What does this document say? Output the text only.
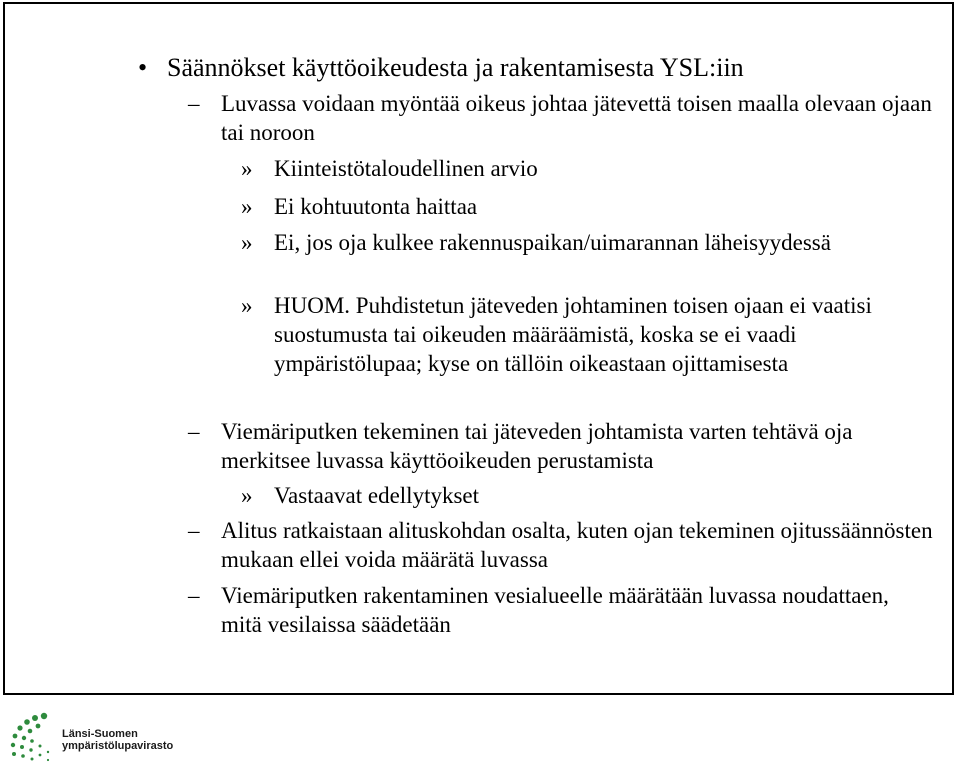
• Säännökset käyttöoikeudesta ja rakentamisesta YSL:iin

– Luvassa voidaan myöntää oikeus johtaa jätevettä toisen maalla olevaan ojaan tai noroon

» Kiinteistötaloudellinen arvio

» Ei kohtuutonta haittaa

» Ei, jos oja kulkee rakennuspaikan/uimarannan läheisyydessä

» HUOM. Puhdistetun jäteveden johtaminen toisen ojaan ei vaatisi suostumusta tai oikeuden määräämistä, koska se ei vaadi ympäristölupaa; kyse on tällöin oikeastaan ojittamisesta

– Viemäriputken tekeminen tai jäteveden johtamista varten tehtävä oja merkitsee luvassa käyttöoikeuden perustamista

» Vastaavat edellytykset

– Alitus ratkaistaan alituskohdan osalta, kuten ojan tekeminen ojitussäännösten mukaan ellei voida määrätä luvassa

– Viemäriputken rakentaminen vesialueelle määrätään luvassa noudattaen, mitä vesilaissa säädetään

Länsi-Suomen
ympäristölupavirasto
